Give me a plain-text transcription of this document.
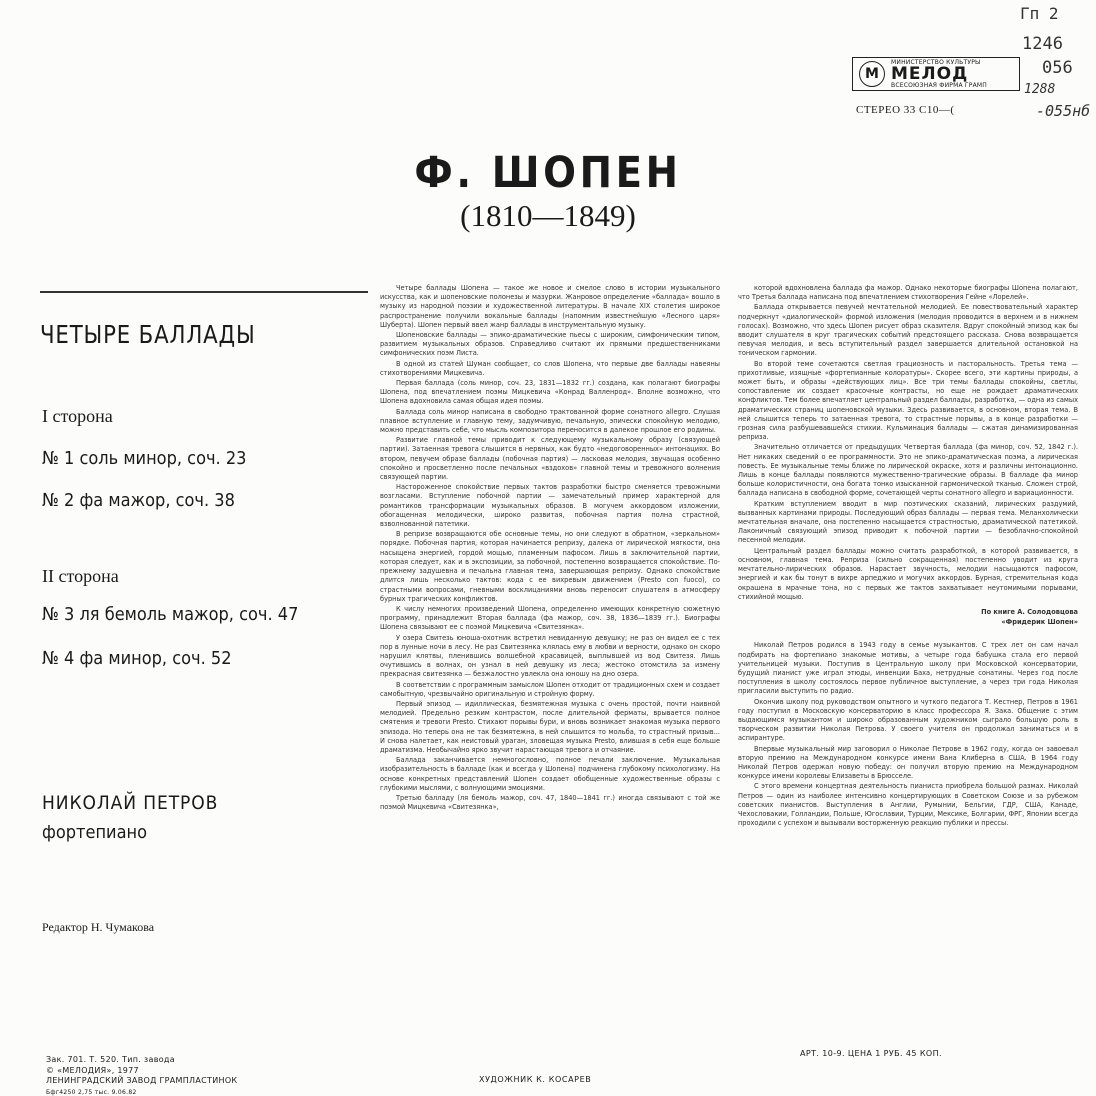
Гп 2
1246
056
1288
-055нб
М
МИНИСТЕРСТВО КУЛЬТУРЫ
МЕЛОД
ВСЕСОЮЗНАЯ ФИРМА ГРАМП
СТЕРЕО 33 С10—(
Ф. ШОПЕН
(1810—1849)
ЧЕТЫРЕ БАЛЛАДЫ
I сторона
№ 1 соль минор, соч. 23
№ 2 фа мажор, соч. 38
II сторона
№ 3 ля бемоль мажор, соч. 47
№ 4 фа минор, соч. 52
НИКОЛАЙ ПЕТРОВ
фортепиано
Редактор Н. Чумакова
Зак. 701. Т. 520. Тип. завода
© «МЕЛОДИЯ», 1977
ЛЕНИНГРАДСКИЙ ЗАВОД ГРАМПЛАСТИНОК
Бфг4250 2,75 тыс. 9.06.82

Четыре баллады Шопена — такое же новое и смелое слово в истории музыкального искусства, как и шопеновские полонезы и мазурки. Жанровое определение «баллада» вошло в музыку из народной поэзии и художественной литературы. В начале XIX столетия широкое распространение получили вокальные баллады (напомним известнейшую «Лесного царя» Шуберта). Шопен первый ввел жанр баллады в инструментальную музыку.

Шопеновские баллады — эпико-драматические пьесы с широким, симфоническим типом, развитием музыкальных образов. Справедливо считают их прямыми предшественниками симфонических поэм Листа.

В одной из статей Шуман сообщает, со слов Шопена, что первые две баллады навеяны стихотворениями Мицкевича.

Первая баллада (соль минор, соч. 23, 1831—1832 гг.) создана, как полагают биографы Шопена, под впечатлением поэмы Мицкевича «Конрад Валленрод». Вполне возможно, что Шопена вдохновила самая общая идея поэмы.

Баллада соль минор написана в свободно трактованной форме сонатного allegro. Слушая плавное вступление и главную тему, задумчивую, печальную, эпически спокойную мелодию, можно представить себе, что мысль композитора переносится в далекое прошлое его родины.

Развитие главной темы приводит к следующему музыкальному образу (связующей партии). Затаенная тревога слышится в нервных, как будто «недоговоренных» интонациях. Во втором, певучем образе баллады (побочная партия) — ласковая мелодия, звучащая особенно спокойно и просветленно после печальных «вздохов» главной темы и тревожного волнения связующей партии.

Настороженное спокойствие первых тактов разработки быстро сменяется тревожными возгласами. Вступление побочной партии — замечательный пример характерной для романтиков трансформации музыкальных образов. В могучем аккордовом изложении, обогащенная мелодически, широко развитая, побочная партия полна страстной, взволнованной патетики.

В репризе возвращаются обе основные темы, но они следуют в обратном, «зеркальном» порядке. Побочная партия, которая начинается репризу, далека от лирической мягкости, она насыщена энергией, гордой мощью, пламенным пафосом. Лишь в заключительной партии, которая следует, как и в экспозиции, за побочной, постепенно возвращается спокойствие. По-прежнему задушевна и печальна главная тема, завершающая репризу. Однако спокойствие длится лишь несколько тактов: кода с ее вихревым движением (Presto con fuoco), со страстными вопросами, гневными восклицаниями вновь переносит слушателя в атмосферу бурных трагических конфликтов.

К числу немногих произведений Шопена, определенно имеющих конкретную сюжетную программу, принадлежит Вторая баллада (фа мажор, соч. 38, 1836—1839 гг.). Биографы Шопена связывают ее с поэмой Мицкевича «Свитезянка».

У озера Свитезь юноша-охотник встретил невиданную девушку; не раз он видел ее с тех пор в лунные ночи в лесу. Не раз Свитезянка клялась ему в любви и верности, однако он скоро нарушил клятвы, пленившись волшебной красавицей, выплывшей из вод Свитезя. Лишь очутившись в волнах, он узнал в ней девушку из леса; жестоко отомстила за измену прекрасная свитезянка — безжалостно увлекла она юношу на дно озера.

В соответствии с программным замыслом Шопен отходит от традиционных схем и создает самобытную, чрезвычайно оригинальную и стройную форму.

Первый эпизод — идиллическая, безмятежная музыка с очень простой, почти наивной мелодией. Предельно резким контрастом, после длительной ферматы, врывается полное смятения и тревоги Presto. Стихают порывы бури, и вновь возникает знакомая музыка первого эпизода. Но теперь она не так безмятежна, в ней слышится то мольба, то страстный призыв... И снова налетает, как неистовый ураган, зловещая музыка Presto, влившая в себя еще больше драматизма. Необычайно ярко звучит нарастающая тревога и отчаяние.

Баллада заканчивается немногословно, полное печали заключение. Музыкальная изобразительность в балладе (как и всегда у Шопена) подчинена глубокому психологизму. На основе конкретных представлений Шопен создает обобщенные художественные образы с глубокими мыслями, с волнующими эмоциями.

Третью балладу (ля бемоль мажор, соч. 47, 1840—1841 гг.) иногда связывают с той же поэмой Мицкевича «Свитезянка»,

которой вдохновлена баллада фа мажор. Однако некоторые биографы Шопена полагают, что Третья баллада написана под впечатлением стихотворения Гейне «Лорелей».

Баллада открывается певучей мечтательной мелодией. Ее повествовательный характер подчеркнут «диалогической» формой изложения (мелодия проводится в верхнем и в нижнем голосах). Возможно, что здесь Шопен рисует образ сказителя. Вдруг спокойный эпизод как бы вводит слушателя в круг трагических событий предстоящего рассказа. Снова возвращается певучая мелодия, и весь вступительный раздел завершается длительной остановкой на тоническом гармонии.

Во второй теме сочетаются светлая грациозность и пасторальность. Третья тема — прихотливые, изящные «фортепианные колоратуры». Скорее всего, эти картины природы, а может быть, и образы «действующих лиц». Все три темы баллады спокойны, светлы, сопоставление их создает красочные контрасты, но еще не рождает драматических конфликтов. Тем более впечатляет центральный раздел баллады, разработка, — одна из самых драматических страниц шопеновской музыки. Здесь развивается, в основном, вторая тема. В ней слышится теперь то затаенная тревога, то страстные порывы, а в конце разработки — грозная сила разбушевавшейся стихии. Кульминация баллады — сжатая динамизированная реприза.

Значительно отличается от предыдущих Четвертая баллада (фа минор, соч. 52, 1842 г.). Нет никаких сведений о ее программности. Это не эпико-драматическая поэма, а лирическая повесть. Ее музыкальные темы ближе по лирической окраске, хотя и различны интонационно. Лишь в конце баллады появляются мужественно-трагические образы. В балладе фа минор больше колористичности, она богата тонко изысканной гармонической тканью. Сложен строй, баллада написана в свободной форме, сочетающей черты сонатного allegro и вариационности.

Кратким вступлением вводит в мир поэтических сказаний, лирических раздумий, вызванных картинами природы. Последующий образ баллады — первая тема. Меланхолически мечтательная вначале, она постепенно насыщается страстностью, драматической патетикой. Лаконичный связующий эпизод приводит к побочной партии — безоблачно-спокойной песенной мелодии.

Центральный раздел баллады можно считать разработкой, в которой развивается, в основном, главная тема. Реприза (сильно сокращенная) постепенно уводит из круга мечтательно-лирических образов. Нарастает звучность, мелодии насыщаются пафосом, энергией и как бы тонут в вихре арпеджио и могучих аккордов. Бурная, стремительная кода окрашена в мрачные тона, но с первых же тактов захватывает неутомимыми порывами, стихийной мощью.

По книге А. Солодовцова

«Фридерик Шопен»

Николай Петров родился в 1943 году в семье музыкантов. С трех лет он сам начал подбирать на фортепиано знакомые мотивы, а четыре года бабушка стала его первой учительницей музыки. Поступив в Центральную школу при Московской консерватории, будущий пианист уже играл этюды, инвенции Баха, нетрудные сонатины. Через год после поступления в школу состоялось первое публичное выступление, а через три года Николая пригласили выступить по радио.

Окончив школу под руководством опытного и чуткого педагога Т. Кестнер, Петров в 1961 году поступил в Московскую консерваторию в класс профессора Я. Зака. Общение с этим выдающимся музыкантом и широко образованным художником сыграло большую роль в творческом развитии Николая Петрова. У своего учителя он продолжал заниматься и в аспирантуре.

Впервые музыкальный мир заговорил о Николае Петрове в 1962 году, когда он завоевал вторую премию на Международном конкурсе имени Вана Клиберна в США. В 1964 году Николай Петров одержал новую победу: он получил вторую премию на Международном конкурсе имени королевы Елизаветы в Брюсселе.

С этого времени концертная деятельность пианиста приобрела большой размах. Николай Петров — один из наиболее интенсивно концертирующих в Советском Союзе и за рубежом советских пианистов. Выступления в Англии, Румынии, Бельгии, ГДР, США, Канаде, Чехословакии, Голландии, Польше, Югославии, Турции, Мексике, Болгарии, ФРГ, Японии всегда проходили с успехом и вызывали восторженную реакцию публики и прессы.

АРТ. 10-9. ЦЕНА 1 РУБ. 45 КОП.
ХУДОЖНИК К. КОСАРЕВ
